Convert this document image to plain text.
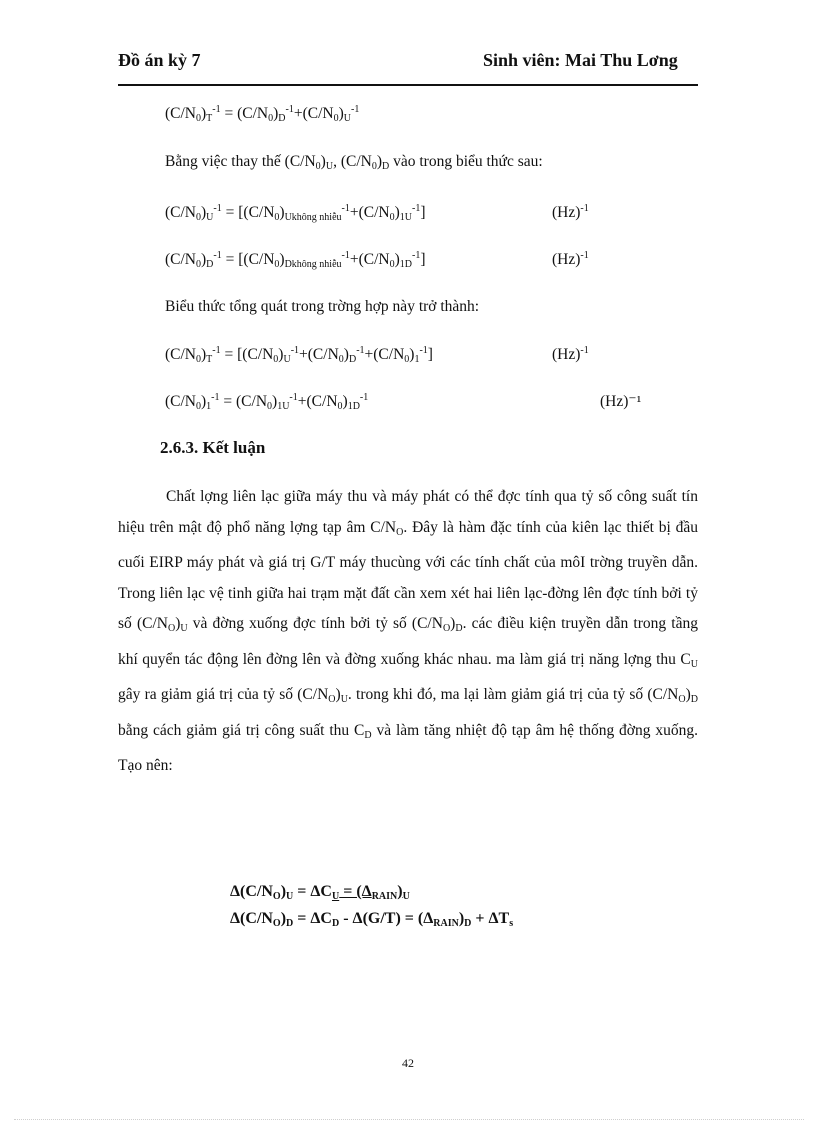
Đồ án kỳ 7	Sinh viên: Mai Thu Lơng
$(C/N_0)_T^{-1} = (C/N_0)_D^{-1}+(C/N_0)_U^{-1}$
Bằng việc thay thế $(C/N_0)_U$, $(C/N_0)_D$ vào trong biểu thức sau:
$(C/N_0)_U^{-1} = [(C/N_0)_{Ukhông nhiễu}^{-1}+(C/N_0)_{1U}^{-1}]$	$(Hz)^{-1}$
$(C/N_0)_D^{-1} = [(C/N_0)_{Dkhông nhiễu}^{-1}+(C/N_0)_{1D}^{-1}]$	$(Hz)^{-1}$
Biểu thức tổng quát trong trờng hợp này trở thành:
$(C/N_0)_T^{-1} = [(C/N_0)_U^{-1}+(C/N_0)_D^{-1}+(C/N_0)_1^{-1}]$	$(Hz)^{-1}$
$(C/N_0)_1^{-1} = (C/N_0)_{1U}^{-1}+(C/N_0)_{1D}^{-1}$	(Hz)⁻¹
2.6.3. Kết luận

Chất lợng liên lạc giữa máy thu và máy phát có thể đợc tính qua tỷ số công suất tín hiệu trên mật độ phổ năng lợng tạp âm $C/N_O$. Đây là hàm đặc tính của kiên lạc thiết bị đầu cuối EIRP máy phát và giá trị G/T máy thucùng với các tính chất của môI trờng truyền dẫn. Trong liên lạc vệ tinh giữa hai trạm mặt đất cần xem xét hai liên lạc-đờng lên đợc tính bởi tỷ số $(C/N_O)_U$ và đờng xuống đợc tính bởi tỷ số $(C/N_O)_D$. các điều kiện truyền dẫn trong tầng khí quyển tác động lên đờng lên và đờng xuống khác nhau. ma làm giá trị năng lợng thu $C_U$ gây ra giảm giá trị của tỷ số $(C/N_O)_U$. trong khi đó, ma lại làm giảm giá trị của tỷ số $(C/N_O)_D$ bằng cách giảm giá trị công suất thu $C_D$ và làm tăng nhiệt độ tạp âm hệ thống đờng xuống. Tạo nên:

$\Delta(C/N_O)_U = \Delta C_U = (\Delta_{RAIN})_U$
$\Delta(C/N_O)_D = \Delta C_D - \Delta(G/T) = (\Delta_{RAIN})_D + \Delta T_s$
42
